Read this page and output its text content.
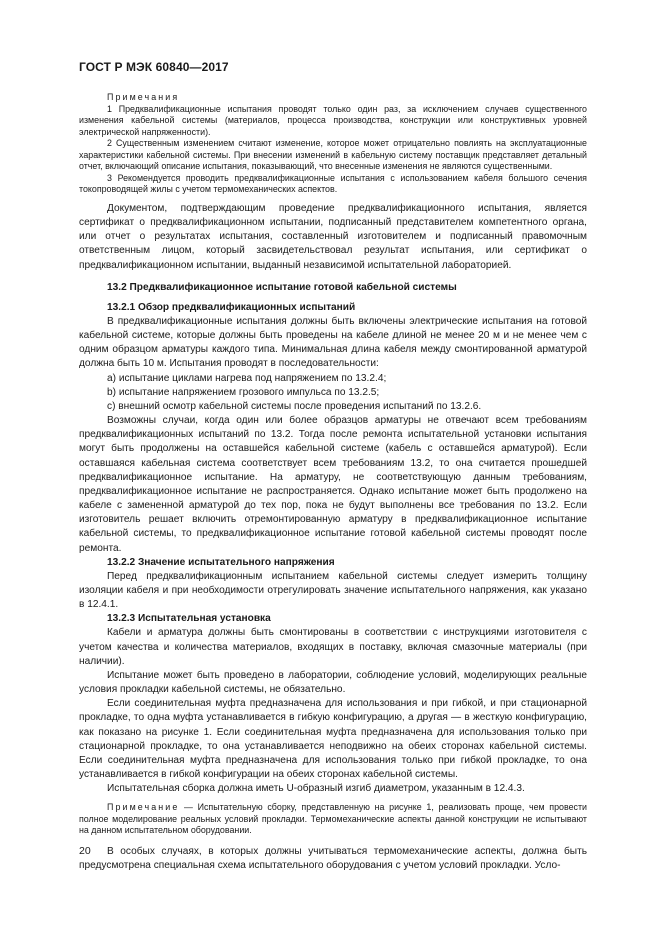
ГОСТ Р МЭК 60840—2017

Примечания

1 Предквалификационные испытания проводят только один раз, за исключением случаев существенного изменения кабельной системы (материалов, процесса производства, конструкции или конструктивных уровней электрической напряженности).

2 Существенным изменением считают изменение, которое может отрицательно повлиять на эксплуатационные характеристики кабельной системы. При внесении изменений в кабельную систему поставщик представляет детальный отчет, включающий описание испытания, показывающий, что внесенные изменения не являются существенными.

3 Рекомендуется проводить предквалификационные испытания с использованием кабеля большого сечения токопроводящей жилы с учетом термомеханических аспектов.

Документом, подтверждающим проведение предквалификационного испытания, является сертификат о предквалификационном испытании, подписанный представителем компетентного органа, или отчет о результатах испытания, составленный изготовителем и подписанный правомочным ответственным лицом, который засвидетельствовал результат испытания, или сертификат о предквалификационном испытании, выданный независимой испытательной лабораторией.

13.2 Предквалификационное испытание готовой кабельной системы

13.2.1 Обзор предквалификационных испытаний

В предквалификационные испытания должны быть включены электрические испытания на готовой кабельной системе, которые должны быть проведены на кабеле длиной не менее 20 м и не менее чем с одним образцом арматуры каждого типа. Минимальная длина кабеля между смонтированной арматурой должна быть 10 м. Испытания проводят в последовательности:

a) испытание циклами нагрева под напряжением по 13.2.4;

b) испытание напряжением грозового импульса по 13.2.5;

c) внешний осмотр кабельной системы после проведения испытаний по 13.2.6.

Возможны случаи, когда один или более образцов арматуры не отвечают всем требованиям предквалификационных испытаний по 13.2. Тогда после ремонта испытательной установки испытания могут быть продолжены на оставшейся кабельной системе (кабель с оставшейся арматурой). Если оставшаяся кабельная система соответствует всем требованиям 13.2, то она считается прошедшей предквалификационное испытание. На арматуру, не соответствующую данным требованиям, предквалификационное испытание не распространяется. Однако испытание может быть продолжено на кабеле с замененной арматурой до тех пор, пока не будут выполнены все требования по 13.2. Если изготовитель решает включить отремонтированную арматуру в предквалификационное испытание кабельной системы, то предквалификационное испытание готовой кабельной системы проводят после ремонта.

13.2.2 Значение испытательного напряжения

Перед предквалификационным испытанием кабельной системы следует измерить толщину изоляции кабеля и при необходимости отрегулировать значение испытательного напряжения, как указано в 12.4.1.

13.2.3 Испытательная установка

Кабели и арматура должны быть смонтированы в соответствии с инструкциями изготовителя с учетом качества и количества материалов, входящих в поставку, включая смазочные материалы (при наличии).

Испытание может быть проведено в лаборатории, соблюдение условий, моделирующих реальные условия прокладки кабельной системы, не обязательно.

Если соединительная муфта предназначена для использования и при гибкой, и при стационарной прокладке, то одна муфта устанавливается в гибкую конфигурацию, а другая — в жесткую конфигурацию, как показано на рисунке 1. Если соединительная муфта предназначена для использования только при стационарной прокладке, то она устанавливается неподвижно на обеих сторонах кабельной системы. Если соединительная муфта предназначена для использования только при гибкой прокладке, то она устанавливается в гибкой конфигурации на обеих сторонах кабельной системы.

Испытательная сборка должна иметь U-образный изгиб диаметром, указанным в 12.4.3.

Примечание — Испытательную сборку, представленную на рисунке 1, реализовать проще, чем провести полное моделирование реальных условий прокладки. Термомеханические аспекты данной конструкции не испытывают на данном испытательном оборудовании.

В особых случаях, в которых должны учитываться термомеханические аспекты, должна быть предусмотрена специальная схема испытательного оборудования с учетом условий прокладки. Усло-

20
